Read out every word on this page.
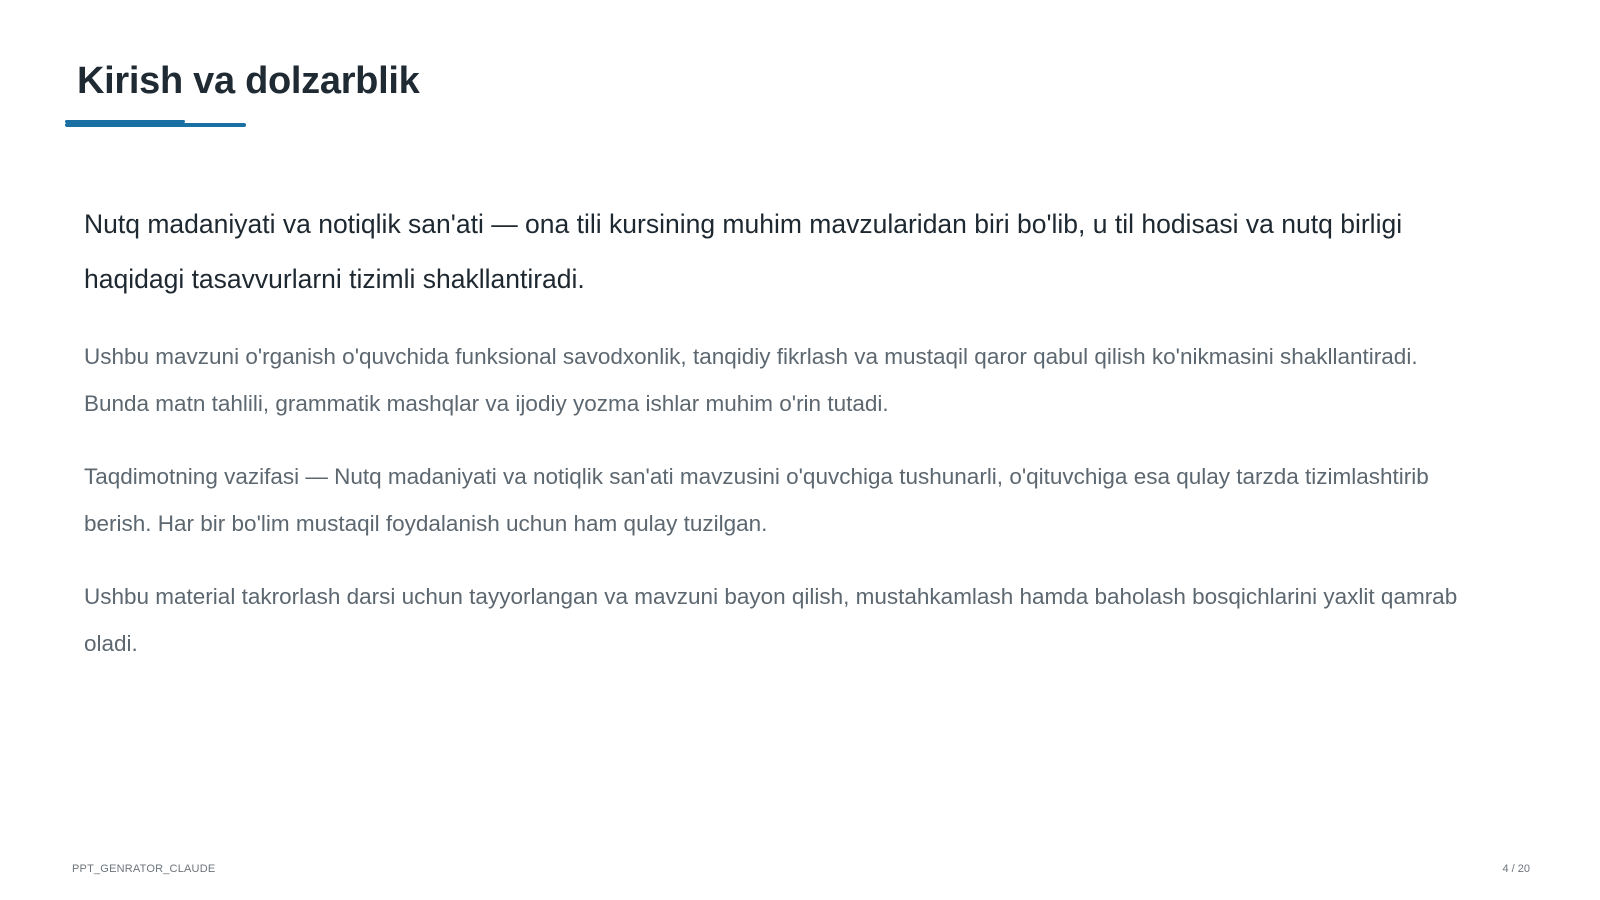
Kirish va dolzarblik

Nutq madaniyati va notiqlik san'ati — ona tili kursining muhim mavzularidan biri bo'lib, u til hodisasi va nutq birligi haqidagi tasavvurlarni tizimli shakllantiradi.

Ushbu mavzuni o'rganish o'quvchida funksional savodxonlik, tanqidiy fikrlash va mustaqil qaror qabul qilish ko'nikmasini shakllantiradi. Bunda matn tahlili, grammatik mashqlar va ijodiy yozma ishlar muhim o'rin tutadi.

Taqdimotning vazifasi — Nutq madaniyati va notiqlik san'ati mavzusini o'quvchiga tushunarli, o'qituvchiga esa qulay tarzda tizimlashtirib berish. Har bir bo'lim mustaqil foydalanish uchun ham qulay tuzilgan.

Ushbu material takrorlash darsi uchun tayyorlangan va mavzuni bayon qilish, mustahkamlash hamda baholash bosqichlarini yaxlit qamrab oladi.

PPT_GENRATOR_CLAUDE	4 / 20
